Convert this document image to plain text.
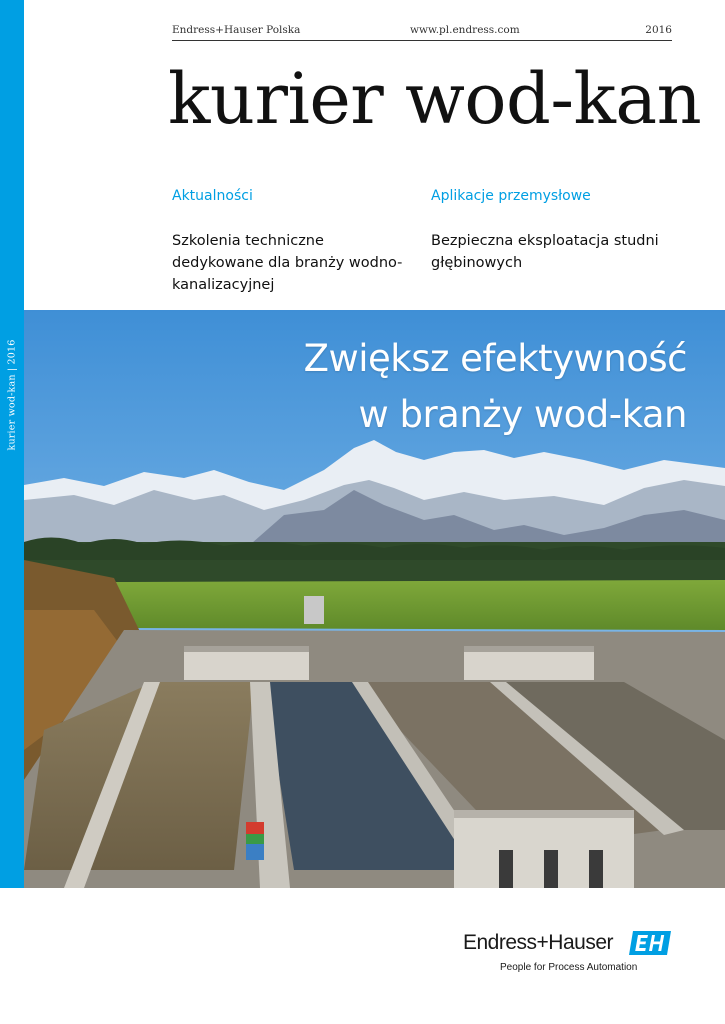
kurier wod-kan | 2016
Endress+Hauser Polska	www.pl.endress.com	2016
kurier wod-kan
Aktualności
Szkolenia techniczne dedykowane dla branży wodno-kanalizacyjnej
Aplikacje przemysłowe
Bezpieczna eksploatacja studni głębinowych
Zwiększ efektywność
w branży wod-kan
Endress+Hauser
People for Process Automation
